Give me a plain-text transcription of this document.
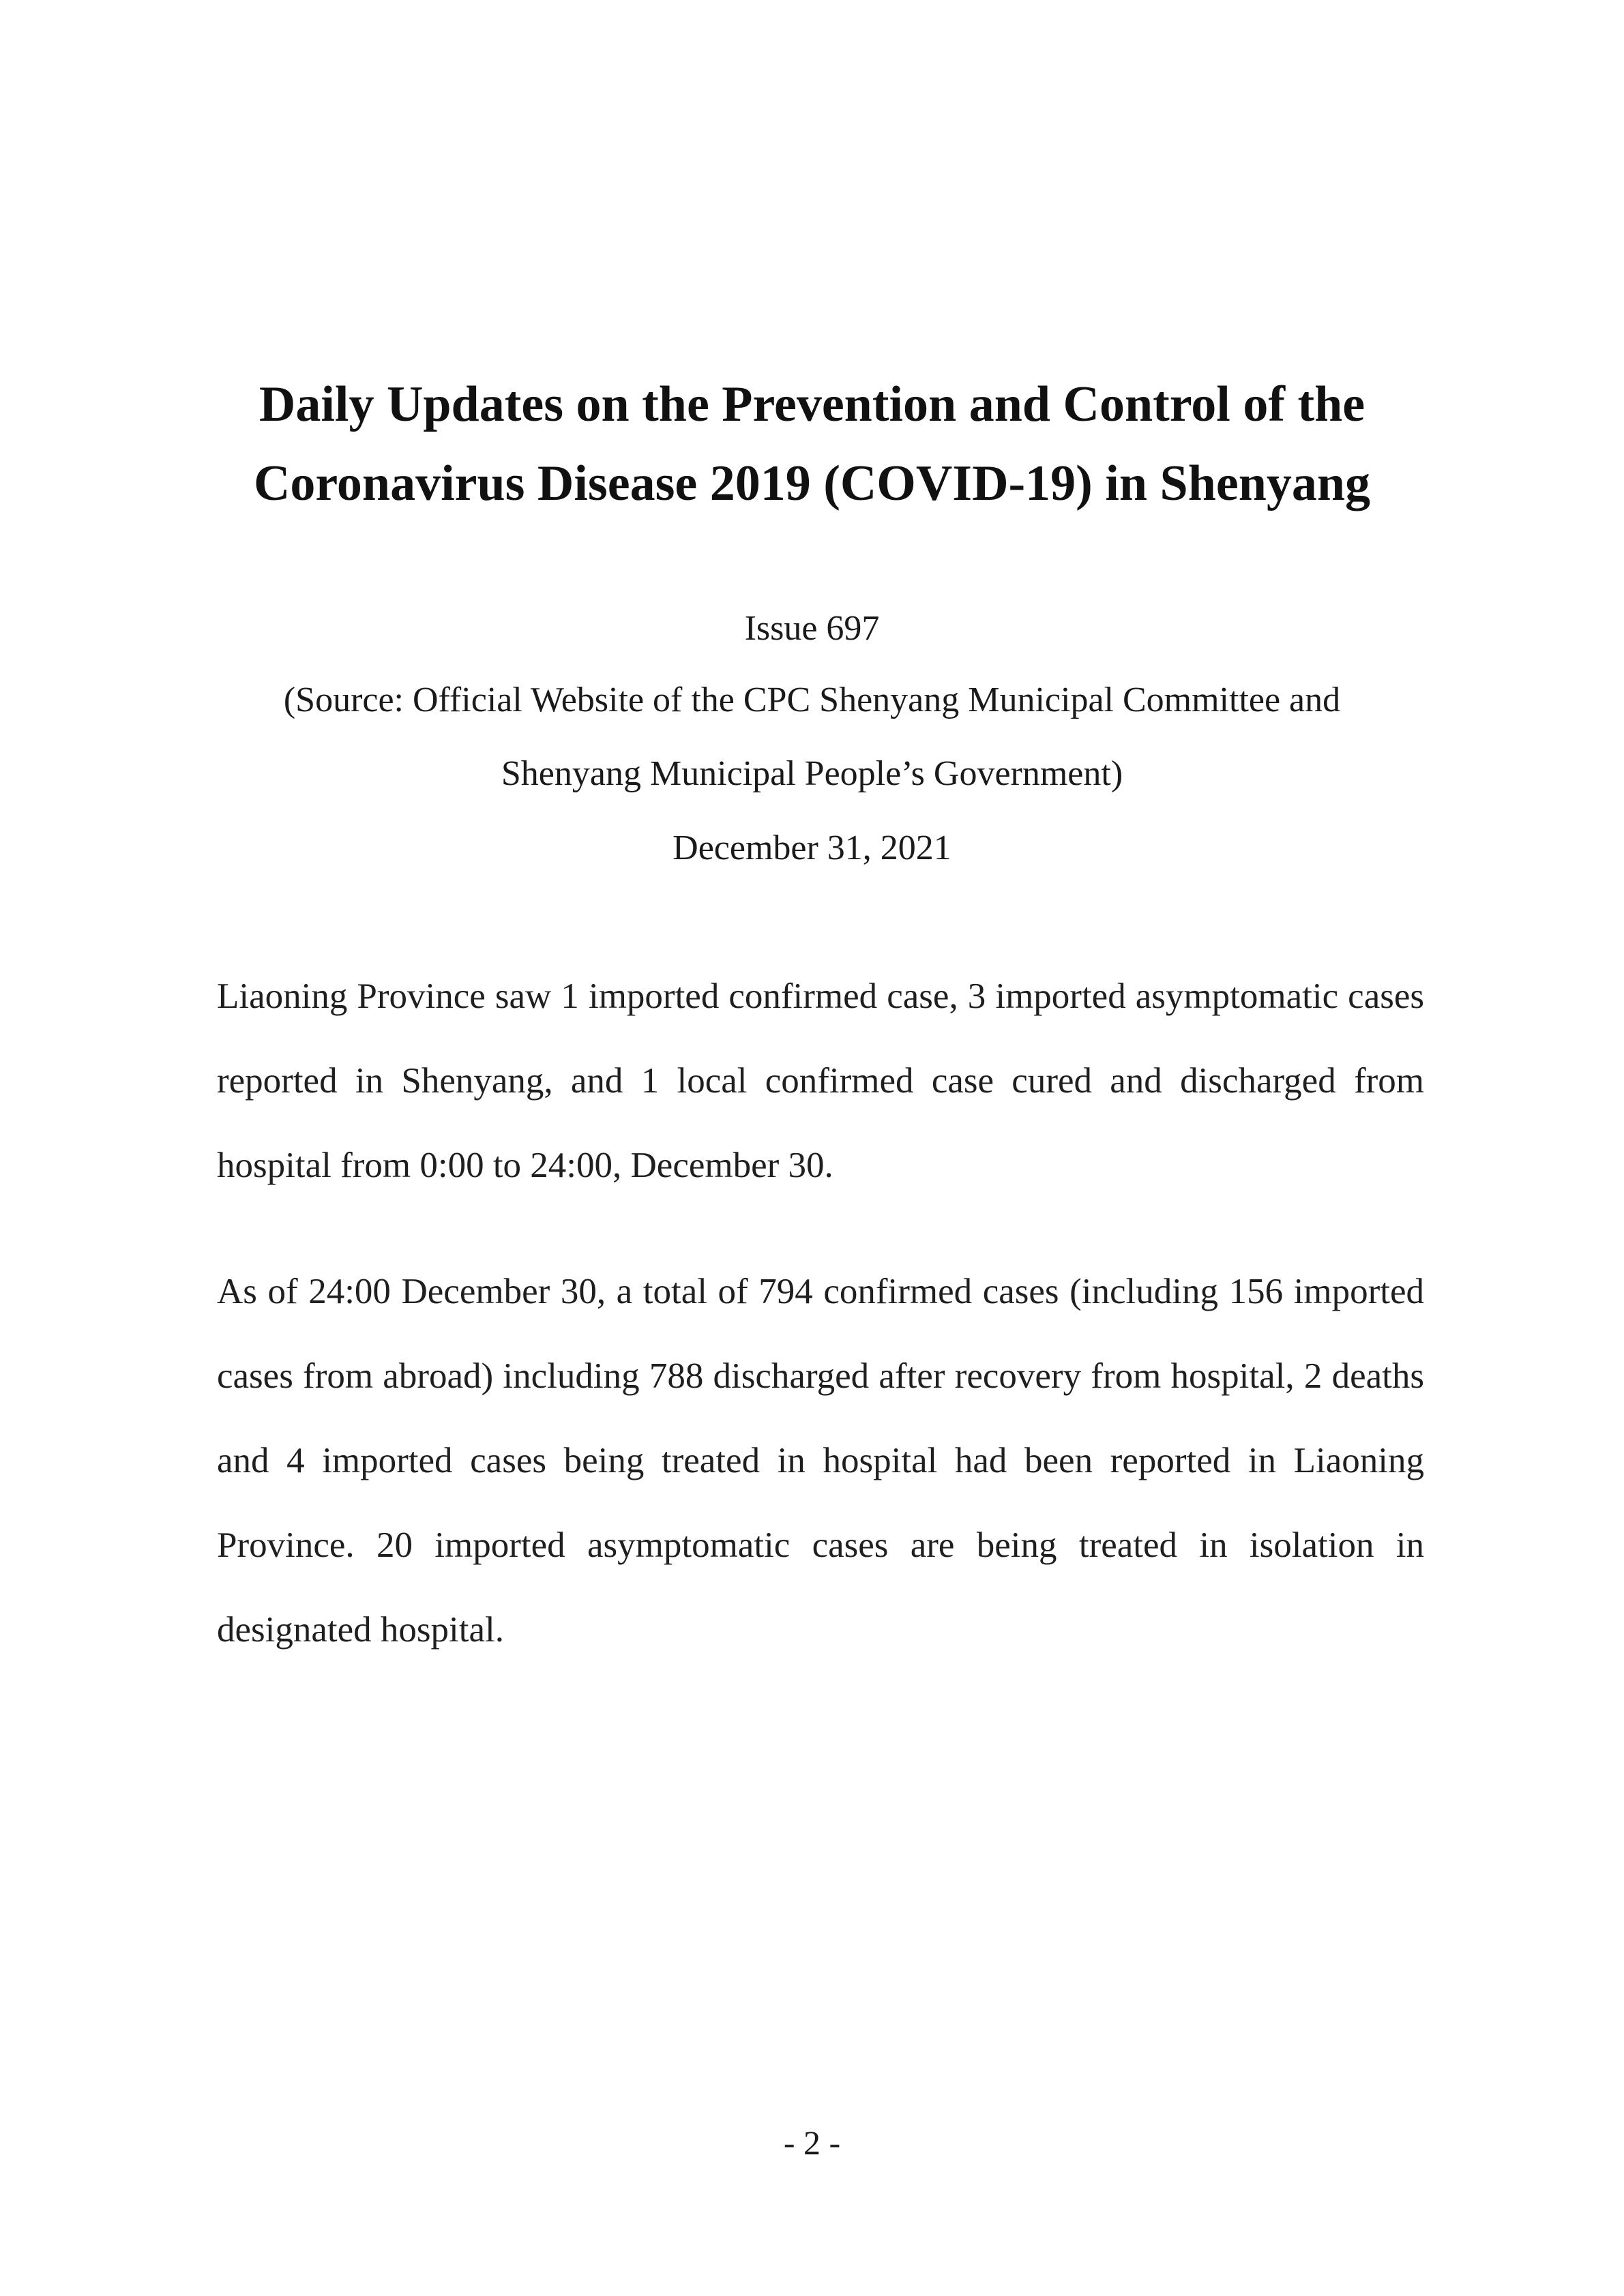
Daily Updates on the Prevention and Control of the Coronavirus Disease 2019 (COVID-19) in Shenyang

Issue 697

(Source: Official Website of the CPC Shenyang Municipal Committee and

Shenyang Municipal People’s Government)

December 31, 2021

Liaoning Province saw 1 imported confirmed case, 3 imported asymptomatic cases reported in Shenyang, and 1 local confirmed case cured and discharged from hospital from 0:00 to 24:00, December 30.

As of 24:00 December 30, a total of 794 confirmed cases (including 156 imported cases from abroad) including 788 discharged after recovery from hospital, 2 deaths and 4 imported cases being treated in hospital had been reported in Liaoning Province. 20 imported asymptomatic cases are being treated in isolation in designated hospital.

- 2 -
